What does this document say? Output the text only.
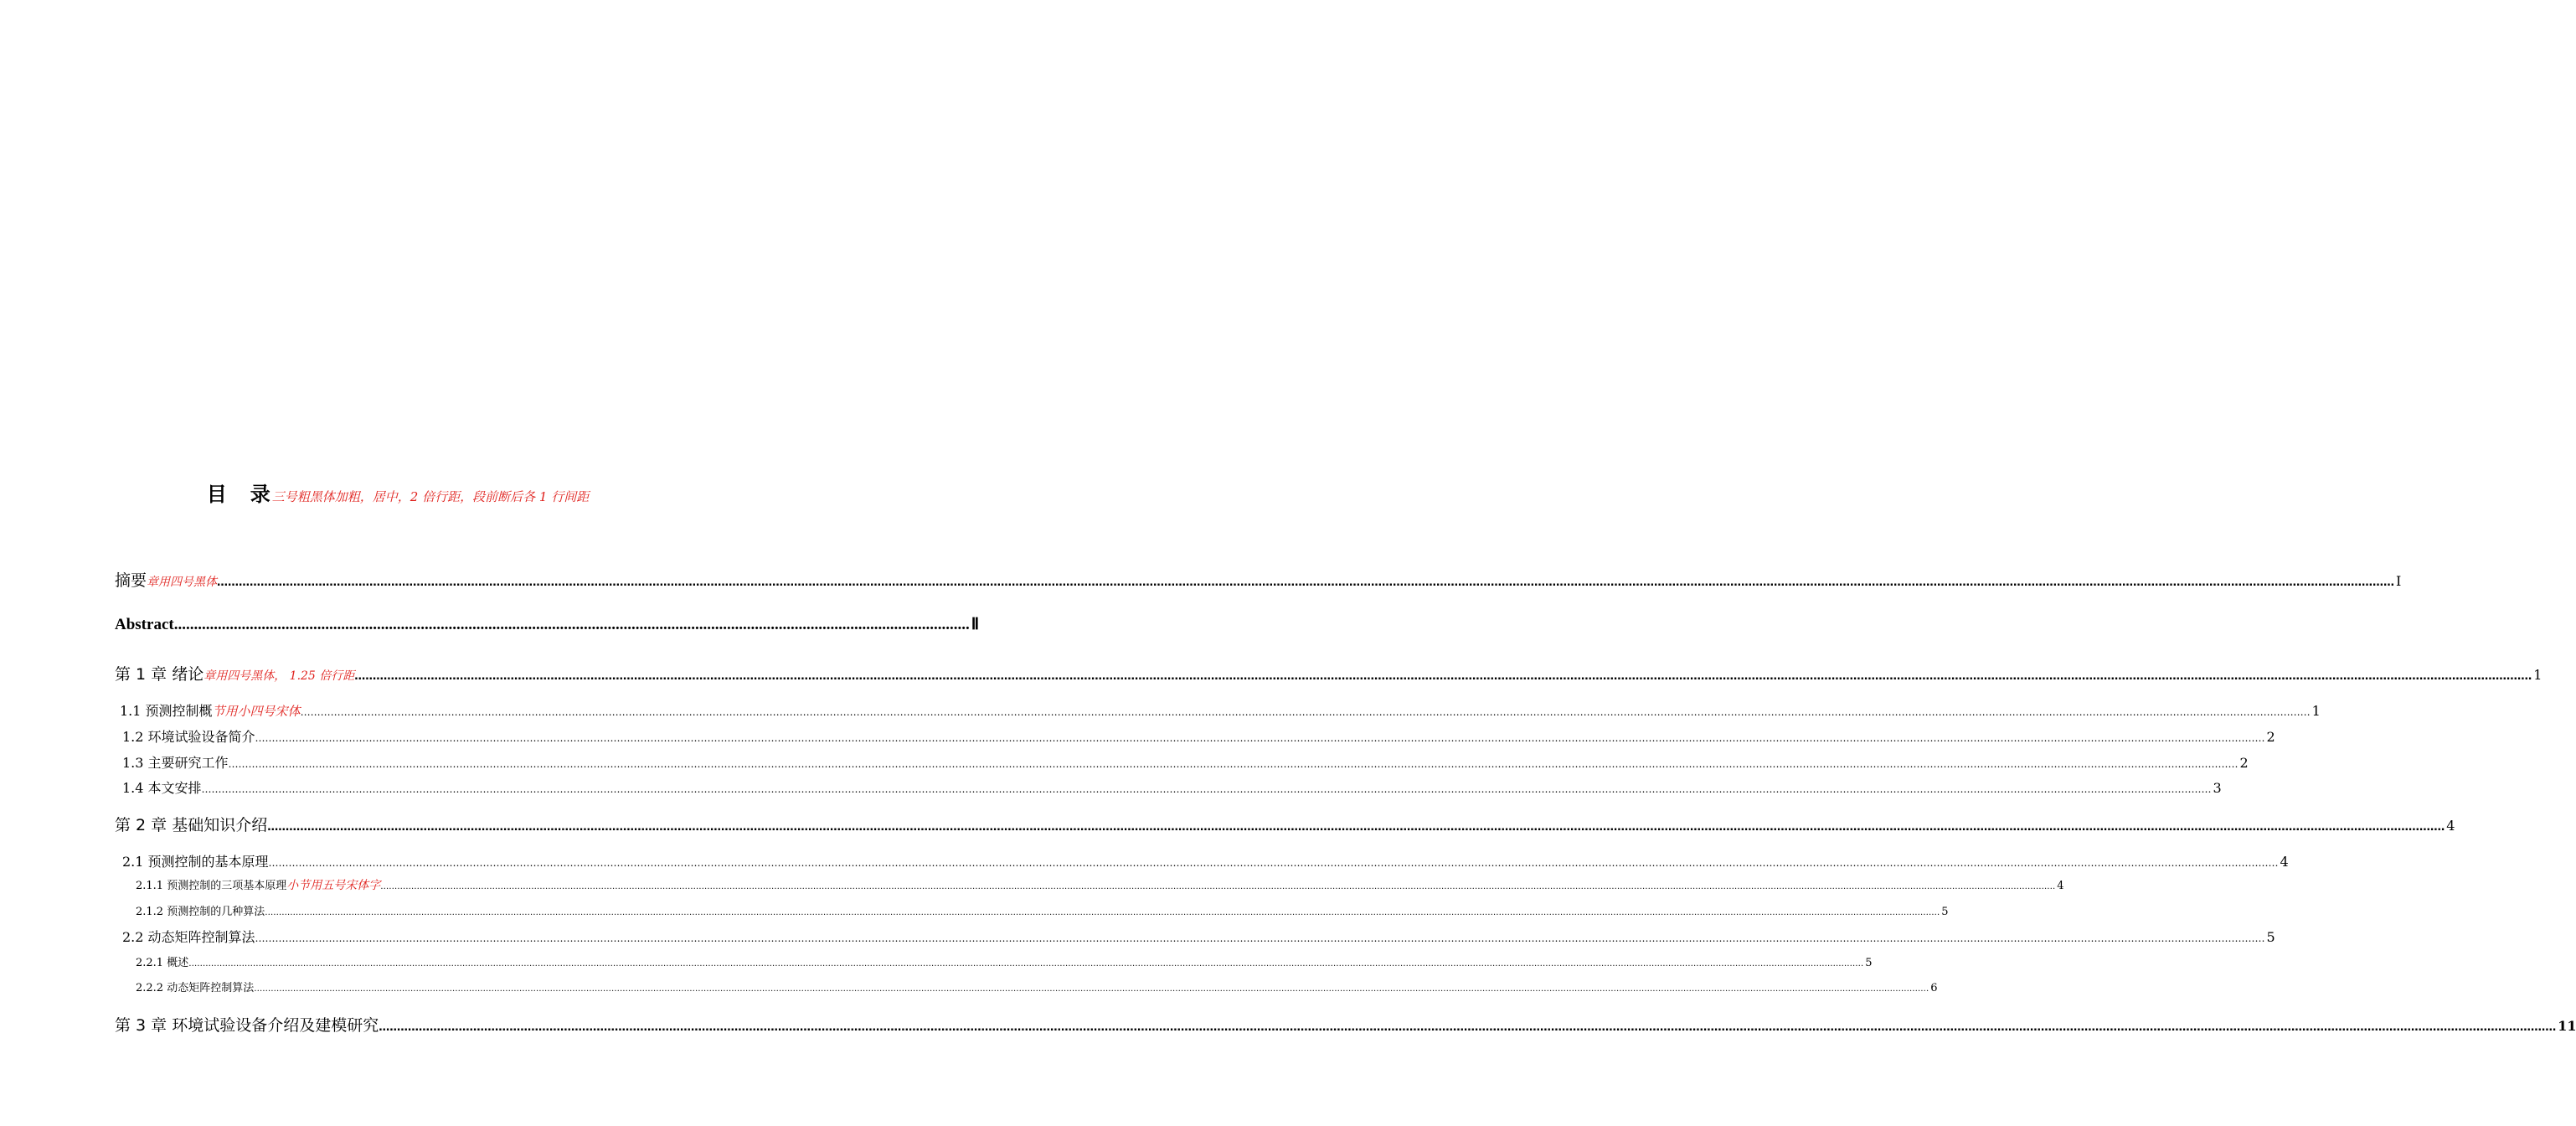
目　录三号粗黑体加粗，居中，2 倍行距，段前断后各 1 行间距
摘要 章用四号黑体 …………………………………………………………………………………………………………………………………………………………………………………………………………………………………………………………………………………………………………………………………………………………………………………………………………………………………………………………………………………………………………………………………………………… Ⅰ
Abstract ........................................................................................................................................................................................................ Ⅱ
第 1 章 绪论 章用四号黑体， 1.25 倍行距 …………………………………………………………………………………………………………………………………………………………………………………………………………………………………………………………………………………………………………………………………………………………………………………………………………………………………………………………………………………………………………………………………………………… 1
1.1 预测控制概 节用小四号宋体 …………………………………………………………………………………………………………………………………………………………………………………………………………………………………………………………………………………………………………………………………………………………………………………………………………………………………………………………………………………………………………………………………………………… 1
1.2 环境试验设备简介 …………………………………………………………………………………………………………………………………………………………………………………………………………………………………………………………………………………………………………………………………………………………………………………………………………………………………………………………………………………………………………………………………………………… 2
1.3 主要研究工作 …………………………………………………………………………………………………………………………………………………………………………………………………………………………………………………………………………………………………………………………………………………………………………………………………………………………………………………………………………………………………………………………………………………… 2
1.4 本文安排 …………………………………………………………………………………………………………………………………………………………………………………………………………………………………………………………………………………………………………………………………………………………………………………………………………………………………………………………………………………………………………………………………………………… 3
第 2 章 基础知识介绍 …………………………………………………………………………………………………………………………………………………………………………………………………………………………………………………………………………………………………………………………………………………………………………………………………………………………………………………………………………………………………………………………………………………… 4
2.1 预测控制的基本原理 …………………………………………………………………………………………………………………………………………………………………………………………………………………………………………………………………………………………………………………………………………………………………………………………………………………………………………………………………………………………………………………………………………………… 4
2.1.1 预测控制的三项基本原理 小节用五号宋体字 …………………………………………………………………………………………………………………………………………………………………………………………………………………………………………………………………………………………………………………………………………………………………………………………………………………………………………………………………………………………………………………………………………………… 4
2.1.2 预测控制的几种算法 …………………………………………………………………………………………………………………………………………………………………………………………………………………………………………………………………………………………………………………………………………………………………………………………………………………………………………………………………………………………………………………………………………………… 5
2.2 动态矩阵控制算法 …………………………………………………………………………………………………………………………………………………………………………………………………………………………………………………………………………………………………………………………………………………………………………………………………………………………………………………………………………………………………………………………………………………… 5
2.2.1 概述 …………………………………………………………………………………………………………………………………………………………………………………………………………………………………………………………………………………………………………………………………………………………………………………………………………………………………………………………………………………………………………………………………………………… 5
2.2.2 动态矩阵控制算法 …………………………………………………………………………………………………………………………………………………………………………………………………………………………………………………………………………………………………………………………………………………………………………………………………………………………………………………………………………………………………………………………………………………… 6
第 3 章 环境试验设备介绍及建模研究 …………………………………………………………………………………………………………………………………………………………………………………………………………………………………………………………………………………………………………………………………………………………………………………………………………………………………………………………………………………………………………………………………………………… 11
